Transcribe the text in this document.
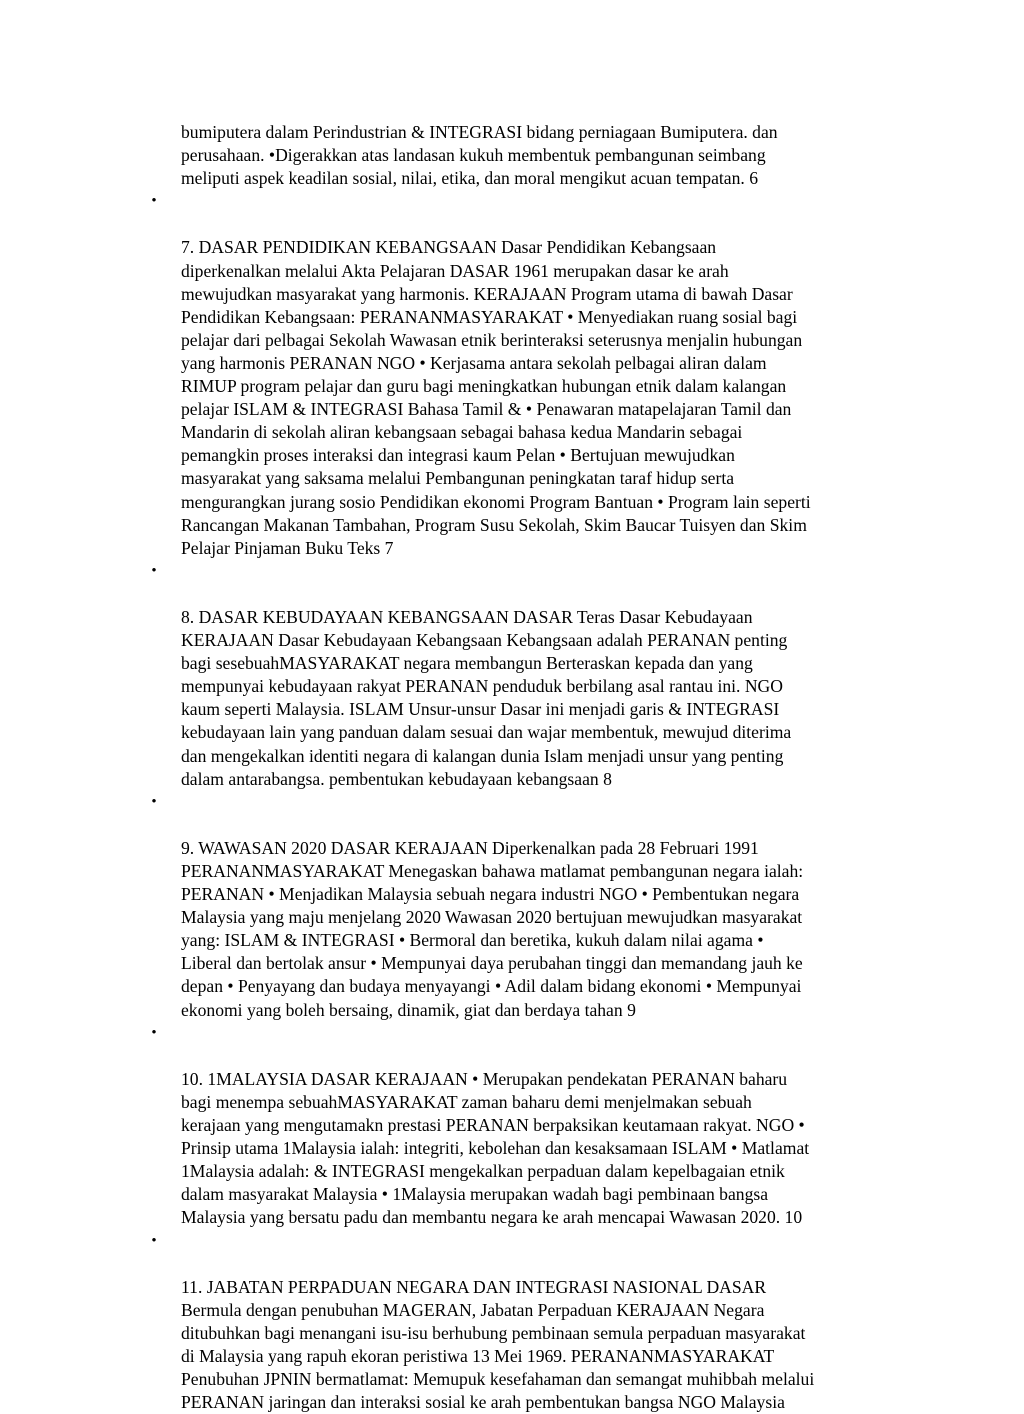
bumiputera dalam Perindustrian & INTEGRASI bidang perniagaan Bumiputera. dan
perusahaan. •Digerakkan atas landasan kukuh membentuk pembangunan seimbang
meliputi aspek keadilan sosial, nilai, etika, dan moral mengikut acuan tempatan. 6

•

7. DASAR PENDIDIKAN KEBANGSAAN Dasar Pendidikan Kebangsaan
diperkenalkan melalui Akta Pelajaran DASAR 1961 merupakan dasar ke arah
mewujudkan masyarakat yang harmonis. KERAJAAN Program utama di bawah Dasar
Pendidikan Kebangsaan: PERANANMASYARAKAT • Menyediakan ruang sosial bagi
pelajar dari pelbagai Sekolah Wawasan etnik berinteraksi seterusnya menjalin hubungan
yang harmonis PERANAN NGO • Kerjasama antara sekolah pelbagai aliran dalam
RIMUP program pelajar dan guru bagi meningkatkan hubungan etnik dalam kalangan
pelajar ISLAM & INTEGRASI Bahasa Tamil & • Penawaran matapelajaran Tamil dan
Mandarin di sekolah aliran kebangsaan sebagai bahasa kedua Mandarin sebagai
pemangkin proses interaksi dan integrasi kaum Pelan • Bertujuan mewujudkan
masyarakat yang saksama melalui Pembangunan peningkatan taraf hidup serta
mengurangkan jurang sosio Pendidikan ekonomi Program Bantuan • Program lain seperti
Rancangan Makanan Tambahan, Program Susu Sekolah, Skim Baucar Tuisyen dan Skim
Pelajar Pinjaman Buku Teks 7

•

8. DASAR KEBUDAYAAN KEBANGSAAN DASAR Teras Dasar Kebudayaan
KERAJAAN Dasar Kebudayaan Kebangsaan Kebangsaan adalah PERANAN penting
bagi sesebuahMASYARAKAT negara membangun Berteraskan kepada dan yang
mempunyai kebudayaan rakyat PERANAN penduduk berbilang asal rantau ini. NGO
kaum seperti Malaysia. ISLAM Unsur-unsur Dasar ini menjadi garis & INTEGRASI
kebudayaan lain yang panduan dalam sesuai dan wajar membentuk, mewujud diterima
dan mengekalkan identiti negara di kalangan dunia Islam menjadi unsur yang penting
dalam antarabangsa. pembentukan kebudayaan kebangsaan 8

•

9. WAWASAN 2020 DASAR KERAJAAN Diperkenalkan pada 28 Februari 1991
PERANANMASYARAKAT Menegaskan bahawa matlamat pembangunan negara ialah:
PERANAN • Menjadikan Malaysia sebuah negara industri NGO • Pembentukan negara
Malaysia yang maju menjelang 2020 Wawasan 2020 bertujuan mewujudkan masyarakat
yang: ISLAM & INTEGRASI • Bermoral dan beretika, kukuh dalam nilai agama •
Liberal dan bertolak ansur • Mempunyai daya perubahan tinggi dan memandang jauh ke
depan • Penyayang dan budaya menyayangi • Adil dalam bidang ekonomi • Mempunyai
ekonomi yang boleh bersaing, dinamik, giat dan berdaya tahan 9

•

10. 1MALAYSIA DASAR KERAJAAN • Merupakan pendekatan PERANAN baharu
bagi menempa sebuahMASYARAKAT zaman baharu demi menjelmakan sebuah
kerajaan yang mengutamakn prestasi PERANAN berpaksikan keutamaan rakyat. NGO •
Prinsip utama 1Malaysia ialah: integriti, kebolehan dan kesaksamaan ISLAM • Matlamat
1Malaysia adalah: & INTEGRASI mengekalkan perpaduan dalam kepelbagaian etnik
dalam masyarakat Malaysia • 1Malaysia merupakan wadah bagi pembinaan bangsa
Malaysia yang bersatu padu dan membantu negara ke arah mencapai Wawasan 2020. 10

•

11. JABATAN PERPADUAN NEGARA DAN INTEGRASI NASIONAL DASAR
Bermula dengan penubuhan MAGERAN, Jabatan Perpaduan KERAJAAN Negara
ditubuhkan bagi menangani isu-isu berhubung pembinaan semula perpaduan masyarakat
di Malaysia yang rapuh ekoran peristiwa 13 Mei 1969. PERANANMASYARAKAT
Penubuhan JPNIN bermatlamat: Memupuk kesefahaman dan semangat muhibbah melalui
PERANAN jaringan dan interaksi sosial ke arah pembentukan bangsa NGO Malaysia
